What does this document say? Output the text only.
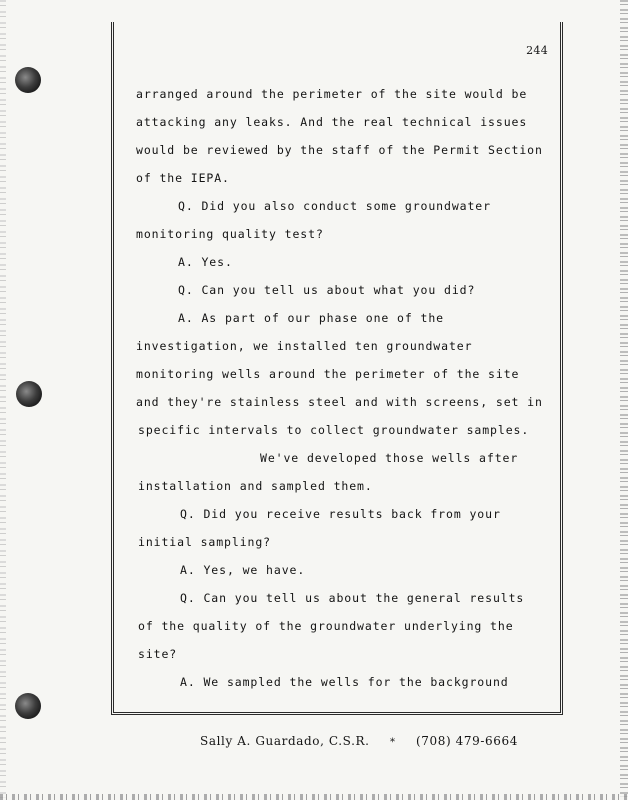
244
arranged around the perimeter of the site would be
attacking any leaks. And the real technical issues
would be reviewed by the staff of the Permit Section
of the IEPA.
Q. Did you also conduct some groundwater
monitoring quality test?
A. Yes.
Q. Can you tell us about what you did?
A. As part of our phase one of the
investigation, we installed ten groundwater
monitoring wells around the perimeter of the site
and they're stainless steel and with screens, set in
specific intervals to collect groundwater samples.
We've developed those wells after
installation and sampled them.
Q. Did you receive results back from your
initial sampling?
A. Yes, we have.
Q. Can you tell us about the general results
of the quality of the groundwater underlying the
site?
A. We sampled the wells for the background
Sally A. Guardado, C.S.R. * (708) 479-6664
